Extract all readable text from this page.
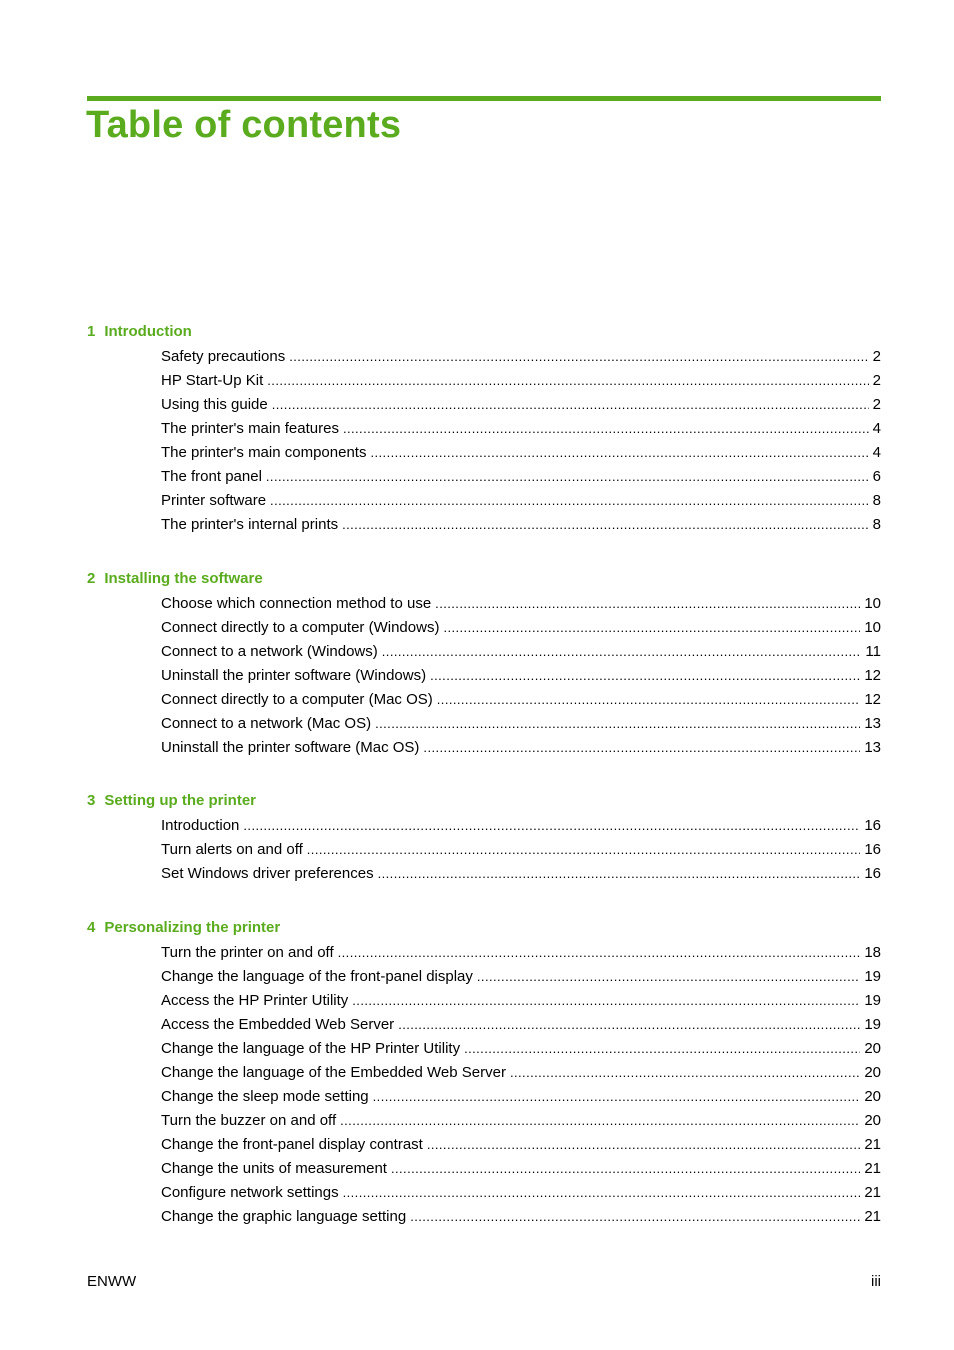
Table of contents
1 Introduction
Safety precautions . . .	2
HP Start-Up Kit . . .	2
Using this guide . . .	2
The printer's main features . . .	4
The printer's main components . . .	4
The front panel . . .	6
Printer software . . .	8
The printer's internal prints . . .	8
2 Installing the software
Choose which connection method to use . . .	10
Connect directly to a computer (Windows) . . .	10
Connect to a network (Windows) . . .	11
Uninstall the printer software (Windows) . . .	12
Connect directly to a computer (Mac OS) . . .	12
Connect to a network (Mac OS) . . .	13
Uninstall the printer software (Mac OS) . . .	13
3 Setting up the printer
Introduction . . .	16
Turn alerts on and off . . .	16
Set Windows driver preferences . . .	16
4 Personalizing the printer
Turn the printer on and off . . .	18
Change the language of the front-panel display . . .	19
Access the HP Printer Utility . . .	19
Access the Embedded Web Server . . .	19
Change the language of the HP Printer Utility . . .	20
Change the language of the Embedded Web Server . . .	20
Change the sleep mode setting . . .	20
Turn the buzzer on and off . . .	20
Change the front-panel display contrast . . .	21
Change the units of measurement . . .	21
Configure network settings . . .	21
Change the graphic language setting . . .	21
ENWW	iii
